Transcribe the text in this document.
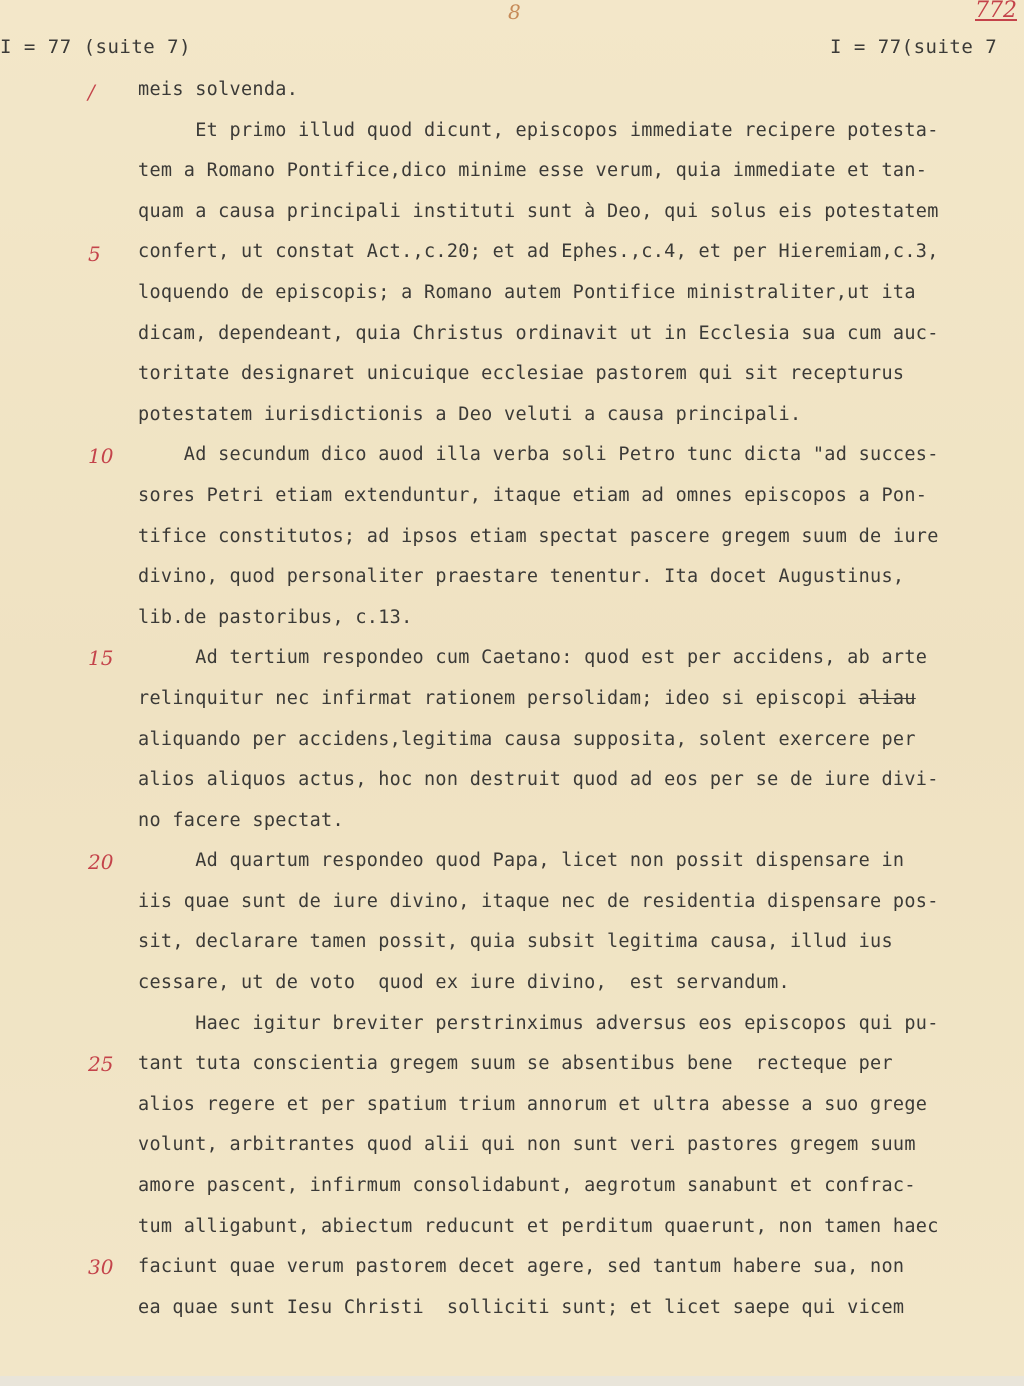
I = 77 (suite 7)	I = 77(suite 7
8	772
/
5
10
15
20
25
30
meis solvenda.
Et primo illud quod dicunt, episcopos immediate recipere potesta-
tem a Romano Pontifice,dico minime esse verum, quia immediate et tan-
quam a causa principali instituti sunt à Deo, qui solus eis potestatem
confert, ut constat Act.,c.20; et ad Ephes.,c.4, et per Hieremiam,c.3,
loquendo de episcopis; a Romano autem Pontifice ministraliter,ut ita
dicam, dependeant, quia Christus ordinavit ut in Ecclesia sua cum auc-
toritate designaret unicuique ecclesiae pastorem qui sit recepturus
potestatem iurisdictionis a Deo veluti a causa principali.
Ad secundum dico auod illa verba soli Petro tunc dicta "ad succes-
sores Petri etiam extenduntur, itaque etiam ad omnes episcopos a Pon-
tifice constitutos; ad ipsos etiam spectat pascere gregem suum de iure
divino, quod personaliter praestare tenentur. Ita docet Augustinus,
lib.de pastoribus, c.13.
Ad tertium respondeo cum Caetano: quod est per accidens, ab arte
relinquitur nec infirmat rationem persolidam; ideo si episcopi aliau
aliquando per accidens,legitima causa supposita, solent exercere per
alios aliquos actus, hoc non destruit quod ad eos per se de iure divi-
no facere spectat.
Ad quartum respondeo quod Papa, licet non possit dispensare in
iis quae sunt de iure divino, itaque nec de residentia dispensare pos-
sit, declarare tamen possit, quia subsit legitima causa, illud ius
cessare, ut de voto  quod ex iure divino,  est servandum.
Haec igitur breviter perstrinximus adversus eos episcopos qui pu-
tant tuta conscientia gregem suum se absentibus bene  recteque per
alios regere et per spatium trium annorum et ultra abesse a suo grege
volunt, arbitrantes quod alii qui non sunt veri pastores gregem suum
amore pascent, infirmum consolidabunt, aegrotum sanabunt et confrac-
tum alligabunt, abiectum reducunt et perditum quaerunt, non tamen haec
faciunt quae verum pastorem decet agere, sed tantum habere sua, non
ea quae sunt Iesu Christi  solliciti sunt; et licet saepe qui vicem
